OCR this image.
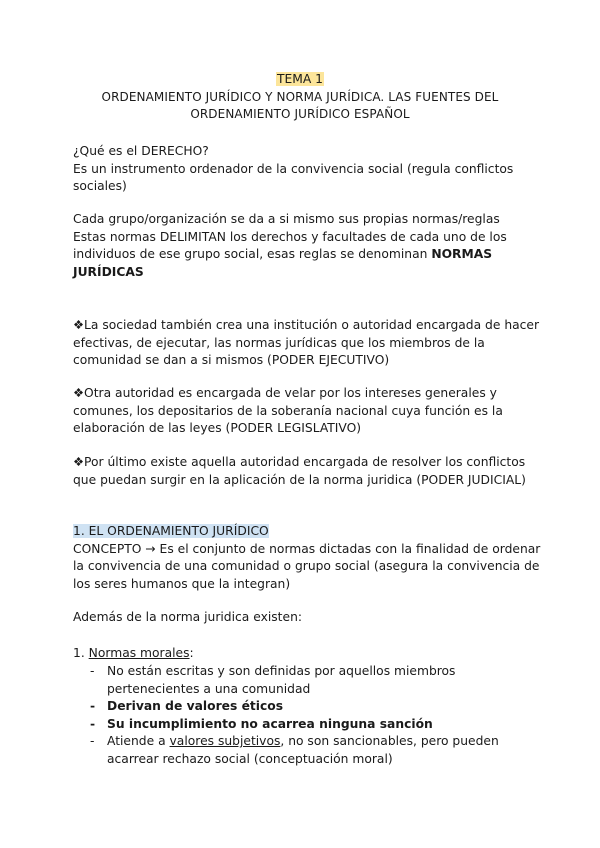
TEMA 1
ORDENAMIENTO JURÍDICO Y NORMA JURÍDICA. LAS FUENTES DEL
ORDENAMIENTO JURÍDICO ESPAÑOL
¿Qué es el DERECHO?
Es un instrumento ordenador de la convivencia social (regula conflictos sociales)
Cada grupo/organización se da a si mismo sus propias normas/reglas
Estas normas DELIMITAN los derechos y facultades de cada uno de los
individuos de ese grupo social, esas reglas se denominan NORMAS JURÍDICAS
❖La sociedad también crea una institución o autoridad encargada de hacer efectivas, de ejecutar, las normas jurídicas que los miembros de la comunidad se dan a si mismos (PODER EJECUTIVO)
❖Otra autoridad es encargada de velar por los intereses generales y comunes, los depositarios de la soberanía nacional cuya función es la elaboración de las leyes (PODER LEGISLATIVO)
❖Por último existe aquella autoridad encargada de resolver los conflictos que puedan surgir en la aplicación de la norma juridica (PODER JUDICIAL)
1. EL ORDENAMIENTO JURÍDICO
CONCEPTO → Es el conjunto de normas dictadas con la finalidad de ordenar la convivencia de una comunidad o grupo social (asegura la convivencia de los seres humanos que la integran)
Además de la norma juridica existen:
1. Normas morales:
- No están escritas y son definidas por aquellos miembros pertenecientes a una comunidad
- Derivan de valores éticos
- Su incumplimiento no acarrea ninguna sanción
- Atiende a valores subjetivos, no son sancionables, pero pueden acarrear rechazo social (conceptuación moral)
